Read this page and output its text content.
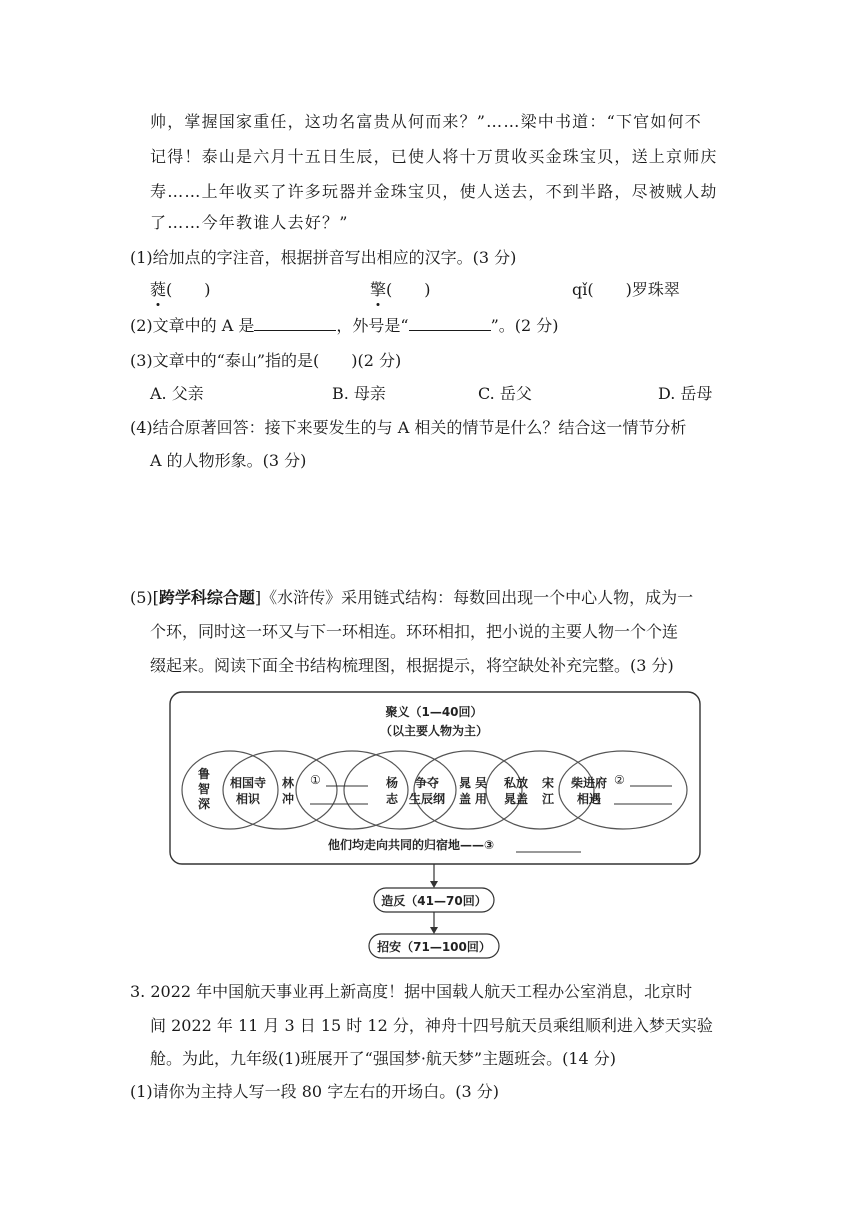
帅，掌握国家重任，这功名富贵从何而来？”……梁中书道：“下官如何不
记得！泰山是六月十五日生辰，已使人将十万贯收买金珠宝贝，送上京师庆
寿……上年收买了许多玩器并金珠宝贝，使人送去，不到半路，尽被贼人劫
了……今年教谁人去好？”
(1)给加点的字注音，根据拼音写出相应的汉字。(3 分)
蕤(　　)	擎(　　)	qǐ(　　)罗珠翠
(2)文章中的 A 是	，外号是“	”。(2 分)
(3)文章中的“泰山”指的是(　　)(2 分)
A. 父亲	B. 母亲	C. 岳父	D. 岳母
(4)结合原著回答：接下来要发生的与 A 相关的情节是什么？结合这一情节分析
A 的人物形象。(3 分)
(5)[跨学科综合题]《水浒传》采用链式结构：每数回出现一个中心人物，成为一
个环，同时这一环又与下一环相连。环环相扣，把小说的主要人物一个个连
缀起来。阅读下面全书结构梳理图，根据提示，将空缺处补充完整。(3 分)
聚义（1—40回）
（以主要人物为主）
鲁
智
深
相国寺
相识
林
冲
①	杨
志
争夺
生辰纲
晁
盖
吴
用
私放
晁盖
宋
江
柴进府
相遇
②
他们均走向共同的归宿地——③
造反（41—70回）
招安（71—100回）
3. 2022 年中国航天事业再上新高度！据中国载人航天工程办公室消息，北京时
间 2022 年 11 月 3 日 15 时 12 分，神舟十四号航天员乘组顺利进入梦天实验
舱。为此，九年级(1)班展开了“强国梦·航天梦”主题班会。(14 分)
(1)请你为主持人写一段 80 字左右的开场白。(3 分)
